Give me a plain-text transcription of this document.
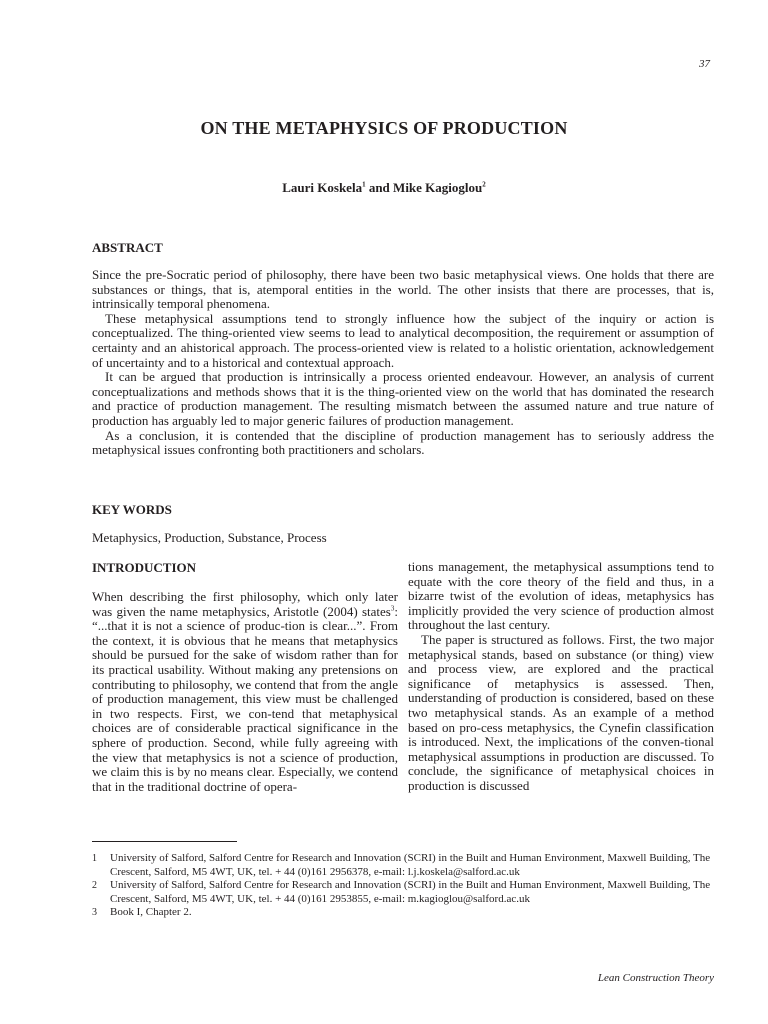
37
ON THE METAPHYSICS OF PRODUCTION
Lauri Koskela$^1$ and Mike Kagioglou$^2$
ABSTRACT

Since the pre-Socratic period of philosophy, there have been two basic metaphysical views. One holds that there are substances or things, that is, atemporal entities in the world. The other insists that there are processes, that is, intrinsically temporal phenomena.

These metaphysical assumptions tend to strongly influence how the subject of the inquiry or action is conceptualized. The thing-oriented view seems to lead to analytical decomposition, the requirement or assumption of certainty and an ahistorical approach. The process-oriented view is related to a holistic orientation, acknowledgement of uncertainty and to a historical and contextual approach.

It can be argued that production is intrinsically a process oriented endeavour. However, an analysis of current conceptualizations and methods shows that it is the thing-oriented view on the world that has dominated the research and practice of production management. The resulting mismatch between the assumed nature and true nature of production has arguably led to major generic failures of production management.

As a conclusion, it is contended that the discipline of production management has to seriously address the metaphysical issues confronting both practitioners and scholars.

KEY WORDS
Metaphysics, Production, Substance, Process
INTRODUCTION

When describing the first philosophy, which only later was given the name metaphysics, Aristotle (2004) states$^3$: “...that it is not a science of produc-tion is clear...”. From the context, it is obvious that he means that metaphysics should be pursued for the sake of wisdom rather than for its practical usability. Without making any pretensions on contributing to philosophy, we contend that from the angle of production management, this view must be challenged in two respects. First, we con-tend that metaphysical choices are of considerable practical significance in the sphere of production. Second, while fully agreeing with the view that metaphysics is not a science of production, we claim this is by no means clear. Especially, we contend that in the traditional doctrine of opera-

tions management, the metaphysical assumptions tend to equate with the core theory of the field and thus, in a bizarre twist of the evolution of ideas, metaphysics has implicitly provided the very science of production almost throughout the last century.

The paper is structured as follows. First, the two major metaphysical stands, based on substance (or thing) view and process view, are explored and the practical significance of metaphysics is assessed. Then, understanding of production is considered, based on these two metaphysical stands. As an example of a method based on pro-cess metaphysics, the Cynefin classification is introduced. Next, the implications of the conven-tional metaphysical assumptions in production are discussed. To conclude, the significance of metaphysical choices in production is discussed

1	University of Salford, Salford Centre for Research and Innovation (SCRI) in the Built and Human Environment, Maxwell Building, The Crescent, Salford, M5 4WT, UK, tel. + 44 (0)161 2956378, e-mail: l.j.koskela@salford.ac.uk
2	University of Salford, Salford Centre for Research and Innovation (SCRI) in the Built and Human Environment, Maxwell Building, The Crescent, Salford, M5 4WT, UK, tel. + 44 (0)161 2953855, e-mail: m.kagioglou@salford.ac.uk
3	Book I, Chapter 2.
Lean Construction Theory
